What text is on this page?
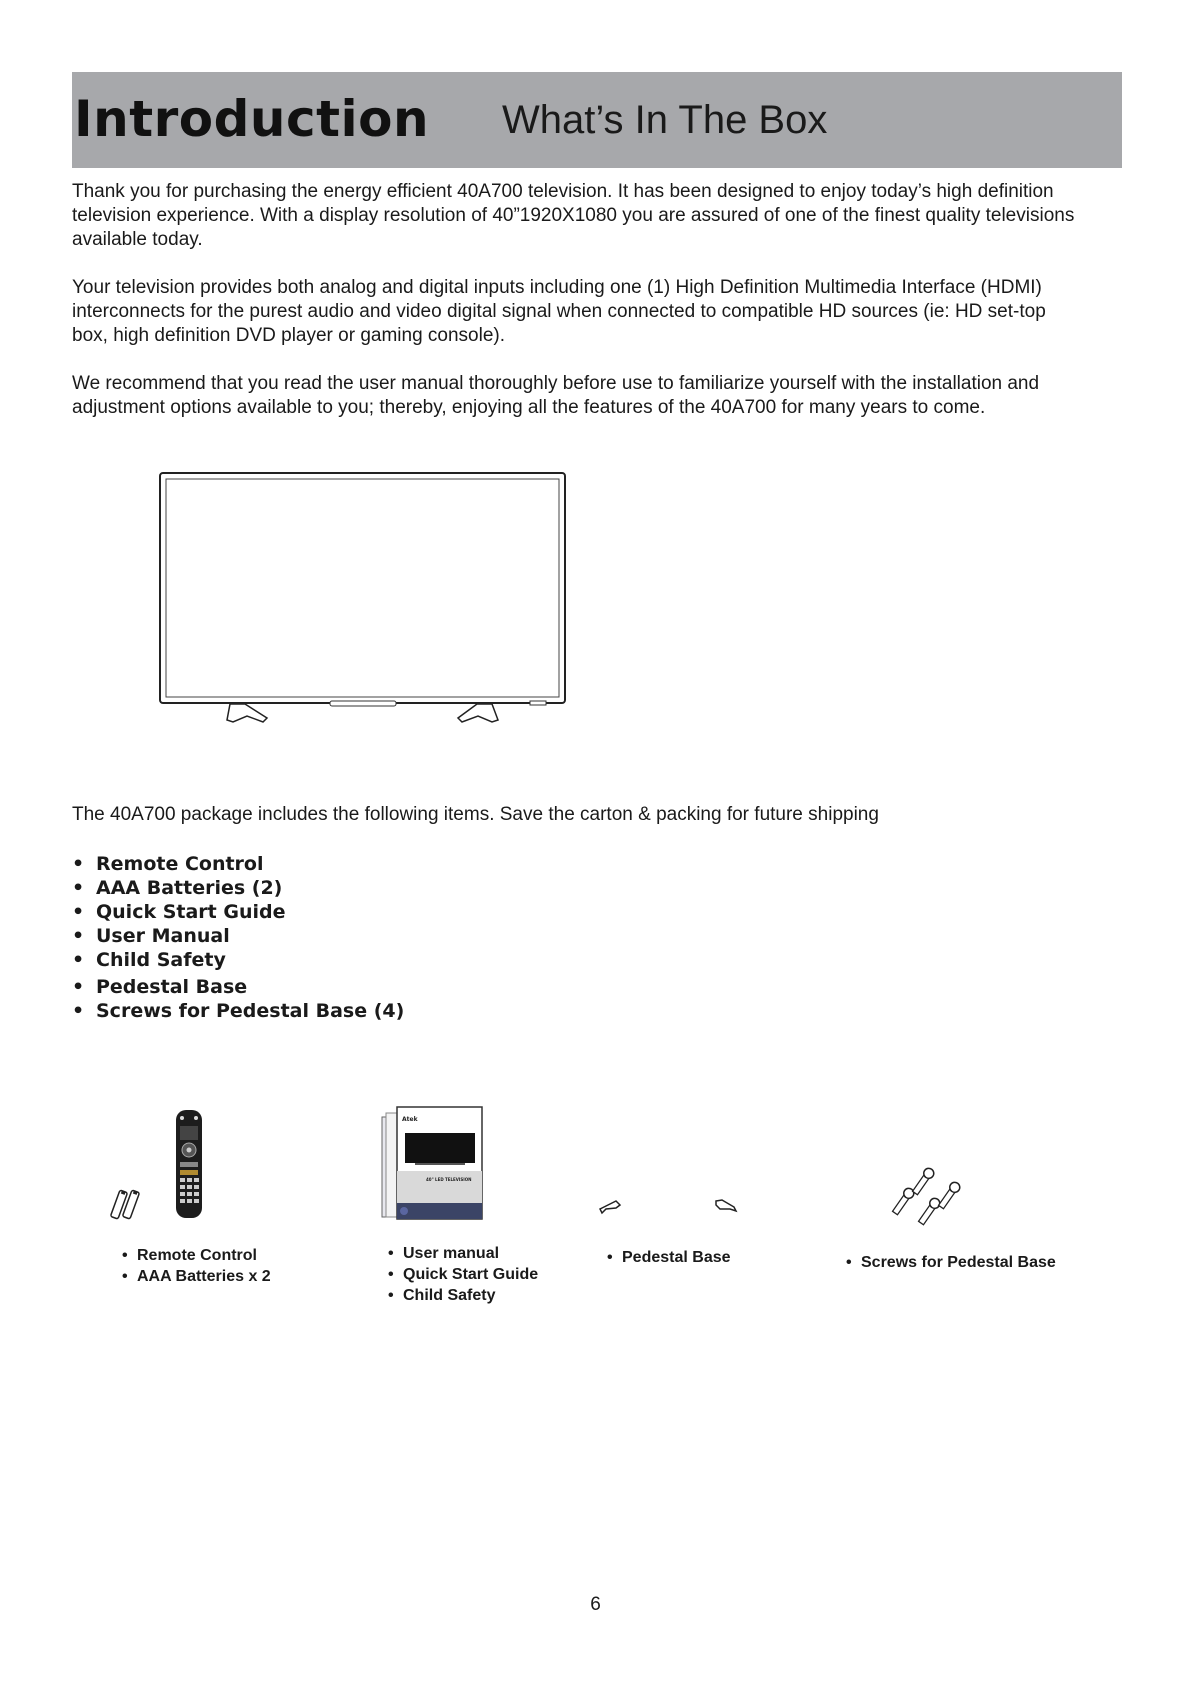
Introduction What’s In The Box
Thank you for purchasing the energy efficient 40A700 television. It has been designed to enjoy today’s high definition
television experience. With a display resolution of 40”1920X1080 you are assured of one of the finest quality televisions
available today.
Your television provides both analog and digital inputs including one (1) High Definition Multimedia Interface (HDMI)
interconnects for the purest audio and video digital signal when connected to compatible HD sources (ie: HD set-top
box, high definition DVD player or gaming console).
We recommend that you read the user manual thoroughly before use to familiarize yourself with the installation and
adjustment options available to you; thereby, enjoying all the features of the 40A700 for many years to come.
The 40A700 package includes the following items. Save the carton & packing for future shipping
• Remote Control
• AAA Batteries (2)
• Quick Start Guide
• User Manual
• Child Safety
• Pedestal Base
• Screws for Pedestal Base (4)
Atek
40" LED TELEVISION
• Remote Control
• AAA Batteries x 2
• User manual
• Quick Start Guide
• Child Safety
• Pedestal Base	• Screws for Pedestal Base
6
